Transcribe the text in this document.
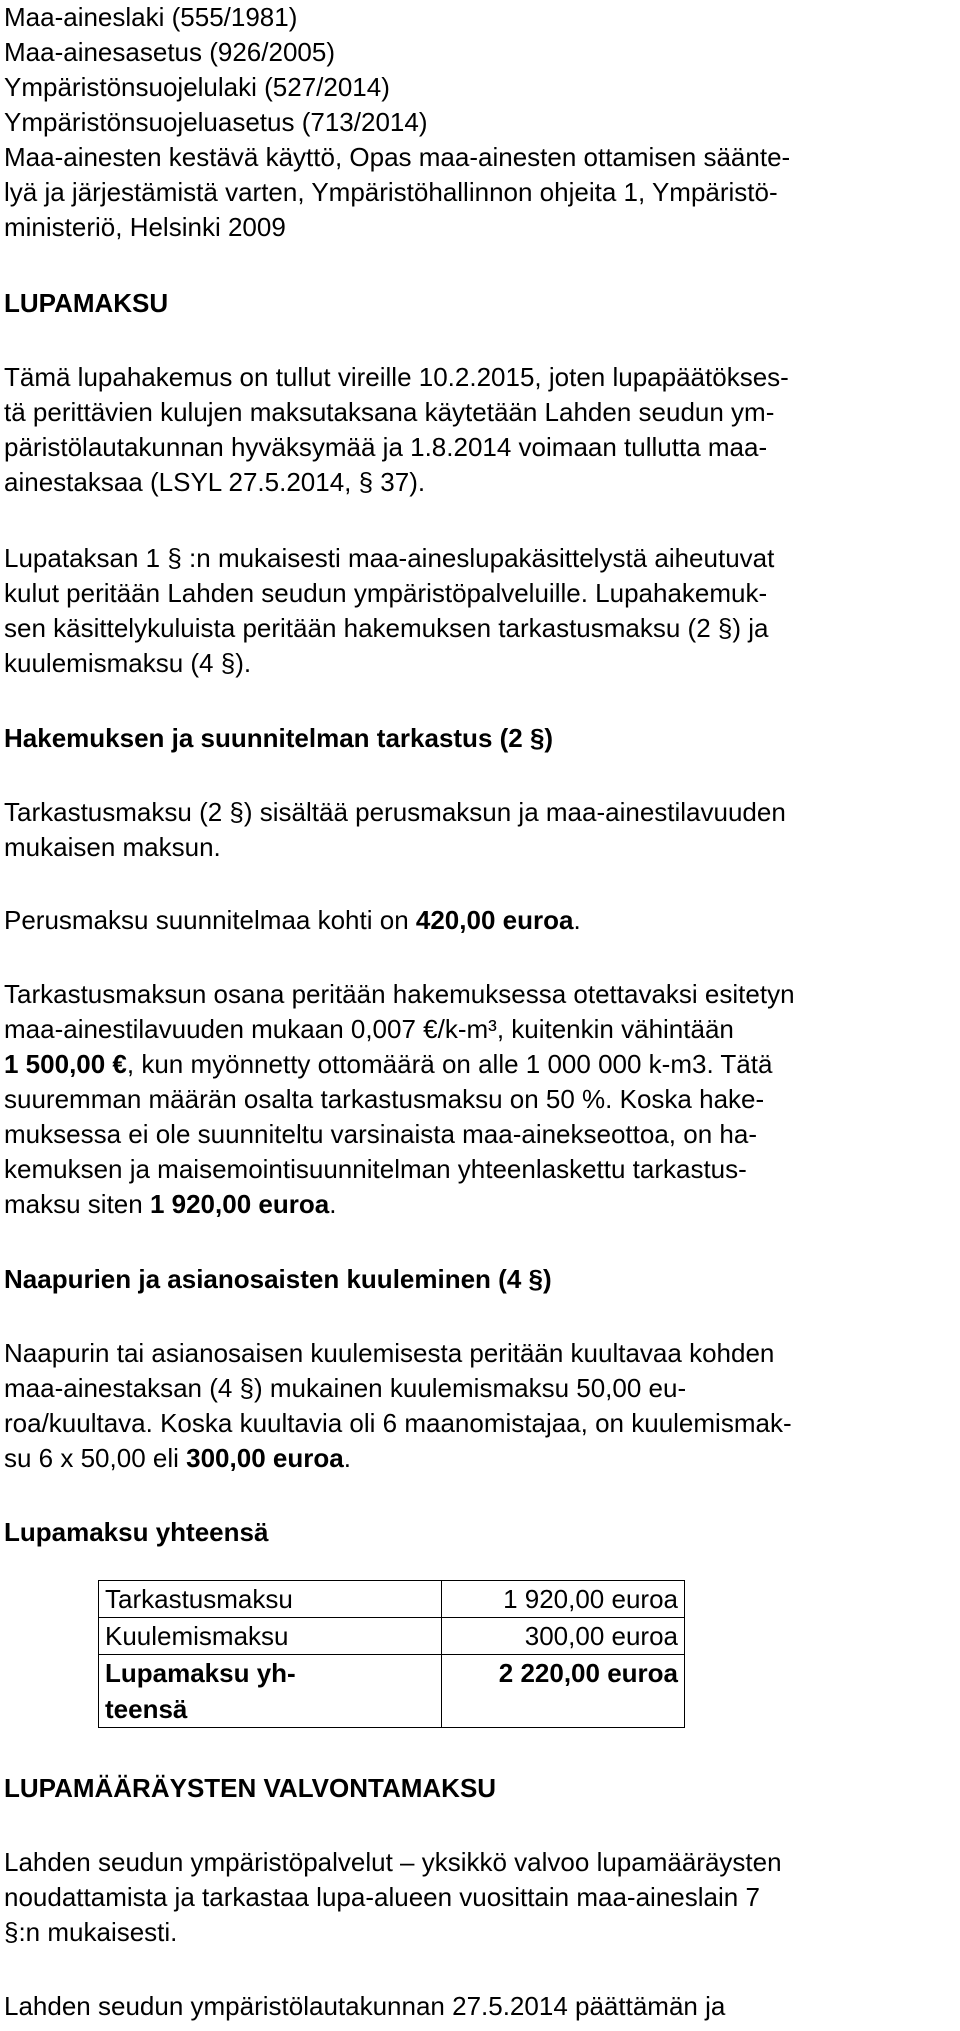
Maa-aineslaki (555/1981)
Maa-ainesasetus (926/2005)
Ympäristönsuojelulaki (527/2014)
Ympäristönsuojeluasetus (713/2014)
Maa-ainesten kestävä käyttö, Opas maa-ainesten ottamisen säänte-
lyä ja järjestämistä varten, Ympäristöhallinnon ohjeita 1, Ympäristö-
ministeriö, Helsinki 2009
LUPAMAKSU
Tämä lupahakemus on tullut vireille 10.2.2015, joten lupapäätökses-
tä perittävien kulujen maksutaksana käytetään Lahden seudun ym-
päristölautakunnan hyväksymää ja 1.8.2014 voimaan tullutta maa-
ainestaksaa (LSYL 27.5.2014, § 37).
Lupataksan 1 § :n mukaisesti maa-aineslupakäsittelystä aiheutuvat
kulut peritään Lahden seudun ympäristöpalveluille. Lupahakemuk-
sen käsittelykuluista peritään hakemuksen tarkastusmaksu (2 §) ja
kuulemismaksu (4 §).
Hakemuksen ja suunnitelman tarkastus (2 §)
Tarkastusmaksu (2 §) sisältää perusmaksun ja maa-ainestilavuuden
mukaisen maksun.
Perusmaksu suunnitelmaa kohti on 420,00 euroa.
Tarkastusmaksun osana peritään hakemuksessa otettavaksi esitetyn
maa-ainestilavuuden mukaan 0,007 €/k-m³, kuitenkin vähintään
1 500,00 €, kun myönnetty ottomäärä on alle 1 000 000 k-m3. Tätä
suuremman määrän osalta tarkastusmaksu on 50 %. Koska hake-
muksessa ei ole suunniteltu varsinaista maa-ainekseottoa, on ha-
kemuksen ja maisemointisuunnitelman yhteenlaskettu tarkastus-
maksu siten 1 920,00 euroa.
Naapurien ja asianosaisten kuuleminen (4 §)
Naapurin tai asianosaisen kuulemisesta peritään kuultavaa kohden
maa-ainestaksan (4 §) mukainen kuulemismaksu 50,00 eu-
roa/kuultava. Koska kuultavia oli 6 maanomistajaa, on kuulemismak-
su 6 x 50,00 eli 300,00 euroa.
Lupamaksu yhteensä
Tarkastusmaksu	1 920,00 euroa
Kuulemismaksu	300,00 euroa
Lupamaksu yh-
teensä	2 220,00 euroa
LUPAMÄÄRÄYSTEN VALVONTAMAKSU
Lahden seudun ympäristöpalvelut – yksikkö valvoo lupamääräysten
noudattamista ja tarkastaa lupa-alueen vuosittain maa-aineslain 7
§:n mukaisesti.
Lahden seudun ympäristölautakunnan 27.5.2014 päättämän ja
